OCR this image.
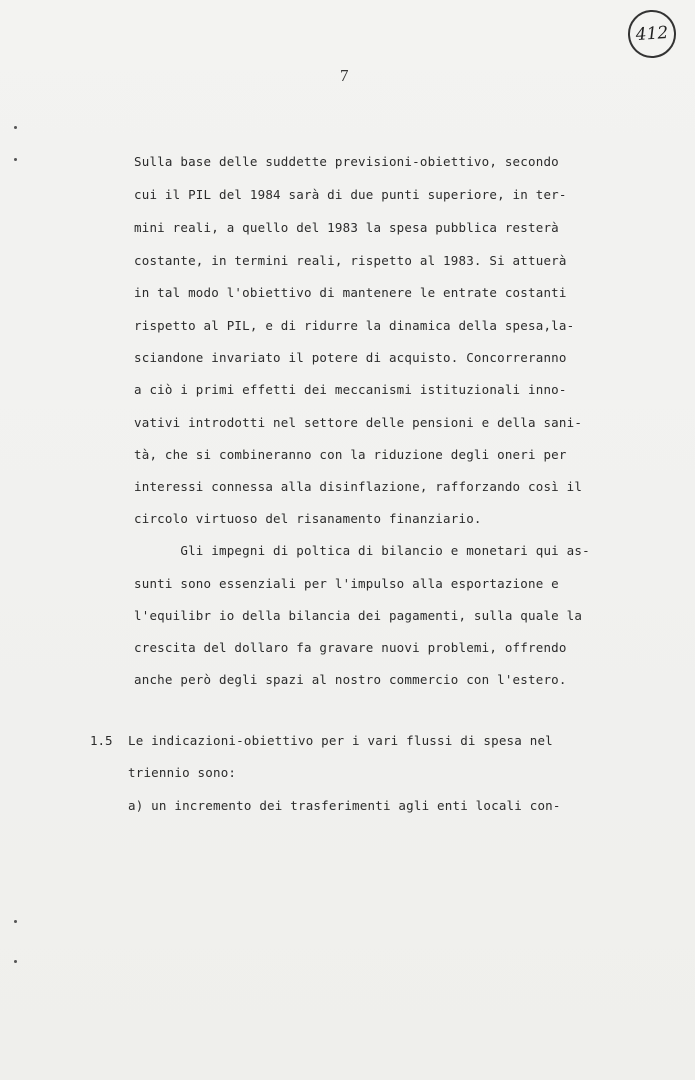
412
7
Sulla base delle suddette previsioni-obiettivo, secondo
cui il PIL del 1984 sarà di due punti superiore, in ter-
mini reali, a quello del 1983 la spesa pubblica resterà
costante, in termini reali, rispetto al 1983. Si attuerà
in tal modo l'obiettivo di mantenere le entrate costanti
rispetto al PIL, e di ridurre la dinamica della spesa,la-
sciandone invariato il potere di acquisto. Concorreranno
a ciò i primi effetti dei meccanismi istituzionali inno-
vativi introdotti nel settore delle pensioni e della sani-
tà, che si combineranno con la riduzione degli oneri per
interessi connessa alla disinflazione, rafforzando così il
circolo virtuoso del risanamento finanziario.
Gli impegni di poltica di bilancio e monetari qui as-
sunti sono essenziali per l'impulso alla esportazione e
l'equilibr io della bilancia dei pagamenti, sulla quale la
crescita del dollaro fa gravare nuovi problemi, offrendo
anche però degli spazi al nostro commercio con l'estero.
1.5 Le indicazioni-obiettivo per i vari flussi di spesa nel
triennio sono:
a) un incremento dei trasferimenti agli enti locali con-
